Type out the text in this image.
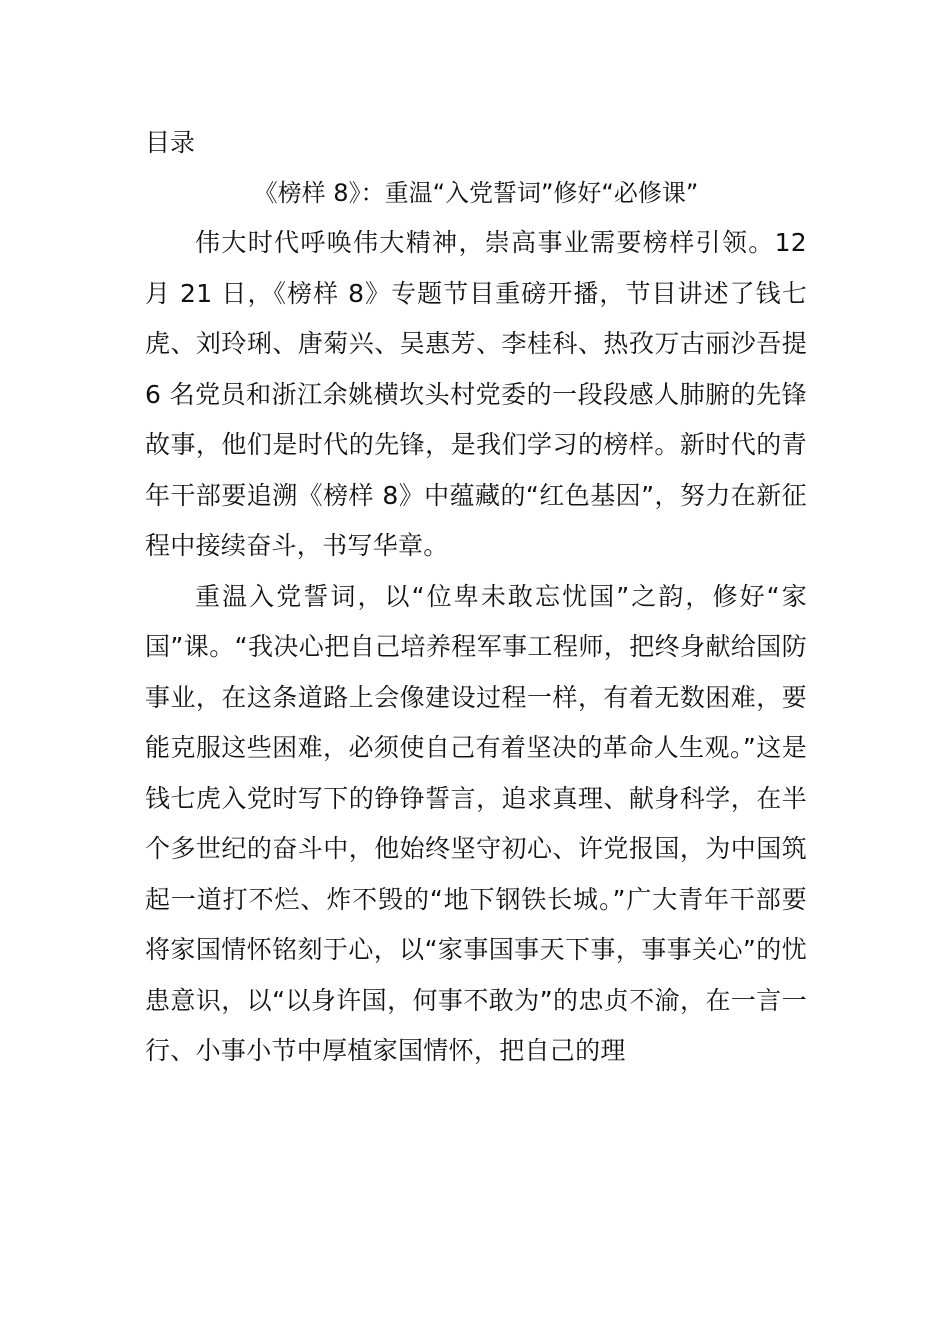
目录

《榜样 8》：重温“入党誓词”修好“必修课”

伟大时代呼唤伟大精神，崇高事业需要榜样引领。12月 21 日，《榜样 8》专题节目重磅开播，节目讲述了钱七虎、刘玲琍、唐菊兴、吴惠芳、李桂科、热孜万古丽沙吾提 6 名党员和浙江余姚横坎头村党委的一段段感人肺腑的先锋故事，他们是时代的先锋，是我们学习的榜样。新时代的青年干部要追溯《榜样 8》中蕴藏的“红色基因”，努力在新征程中接续奋斗，书写华章。

重温入党誓词，以“位卑未敢忘忧国”之韵，修好“家国”课。“我决心把自己培养程军事工程师，把终身献给国防事业，在这条道路上会像建设过程一样，有着无数困难，要能克服这些困难，必须使自己有着坚决的革命人生观。”这是钱七虎入党时写下的铮铮誓言，追求真理、献身科学，在半个多世纪的奋斗中，他始终坚守初心、许党报国，为中国筑起一道打不烂、炸不毁的“地下钢铁长城。”广大青年干部要将家国情怀铭刻于心，以“家事国事天下事，事事关心”的忧患意识，以“以身许国，何事不敢为”的忠贞不渝，在一言一行、小事小节中厚植家国情怀，把自己的理
